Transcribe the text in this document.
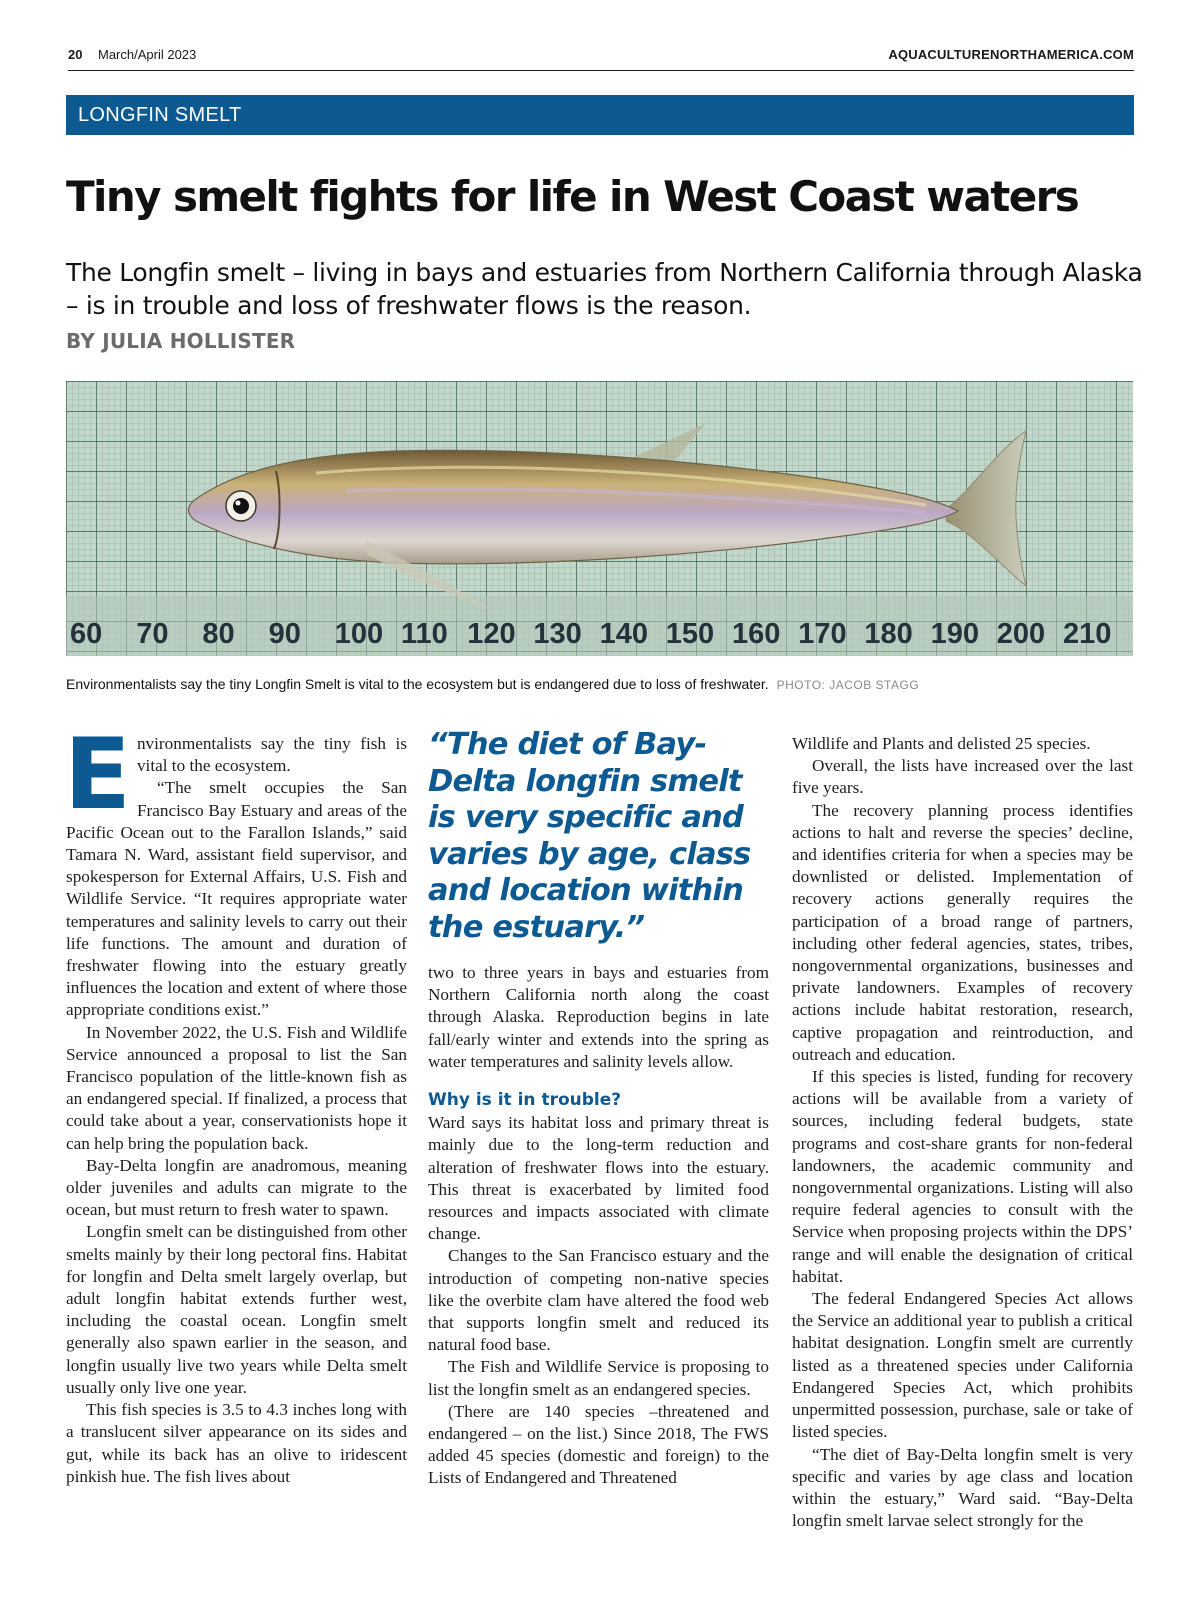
20 March/April 2023	AQUACULTURENORTHAMERICA.COM
LONGFIN SMELT
Tiny smelt fights for life in West Coast waters
The Longfin smelt – living in bays and estuaries from Northern California through Alaska – is in trouble and loss of freshwater flows is the reason.
BY JULIA HOLLISTER
60 70 80 90 100 110 120 130 140 150 160 170 180 190 200 210
Environmentalists say the tiny Longfin Smelt is vital to the ecosystem but is endangered due to loss of freshwater. PHOTO: JACOB STAGG
E nvironmentalists say the tiny fish is vital to the ecosystem.

“The smelt occupies the San Francisco Bay Estuary and areas of the Pacific Ocean out to the Farallon Islands,” said Tamara N. Ward, assistant field supervisor, and spokesperson for External Affairs, U.S. Fish and Wildlife Service. “It requires appropriate water temperatures and salinity levels to carry out their life functions. The amount and duration of freshwater flowing into the estuary greatly influences the location and extent of where those appropriate conditions exist.”

In November 2022, the U.S. Fish and Wildlife Service announced a proposal to list the San Francisco population of the little-known fish as an endangered special. If finalized, a process that could take about a year, conservationists hope it can help bring the population back.

Bay-Delta longfin are anadromous, meaning older juveniles and adults can migrate to the ocean, but must return to fresh water to spawn.

Longfin smelt can be distinguished from other smelts mainly by their long pectoral fins. Habitat for longfin and Delta smelt largely overlap, but adult longfin habitat extends further west, including the coastal ocean. Longfin smelt generally also spawn earlier in the season, and longfin usually live two years while Delta smelt usually only live one year.

This fish species is 3.5 to 4.3 inches long with a translucent silver appearance on its sides and gut, while its back has an olive to iridescent pinkish hue. The fish lives about

“The diet of Bay-Delta longfin smelt is very specific and varies by age, class and location within the estuary.”

two to three years in bays and estuaries from Northern California north along the coast through Alaska. Reproduction begins in late fall/early winter and extends into the spring as water temperatures and salinity levels allow.

Why is it in trouble?

Ward says its habitat loss and primary threat is mainly due to the long-term reduction and alteration of freshwater flows into the estuary. This threat is exacerbated by limited food resources and impacts associated with climate change.

Changes to the San Francisco estuary and the introduction of competing non-native species like the overbite clam have altered the food web that supports longfin smelt and reduced its natural food base.

The Fish and Wildlife Service is proposing to list the longfin smelt as an endangered species.

(There are 140 species –threatened and endangered – on the list.) Since 2018, The FWS added 45 species (domestic and foreign) to the Lists of Endangered and Threatened

Wildlife and Plants and delisted 25 species.

Overall, the lists have increased over the last five years.

The recovery planning process identifies actions to halt and reverse the species’ decline, and identifies criteria for when a species may be downlisted or delisted. Implementation of recovery actions generally requires the participation of a broad range of partners, including other federal agencies, states, tribes, nongovernmental organizations, businesses and private landowners. Examples of recovery actions include habitat restoration, research, captive propagation and reintroduction, and outreach and education.

If this species is listed, funding for recovery actions will be available from a variety of sources, including federal budgets, state programs and cost-share grants for non-federal landowners, the academic community and nongovernmental organizations. Listing will also require federal agencies to consult with the Service when proposing projects within the DPS’ range and will enable the designation of critical habitat.

The federal Endangered Species Act allows the Service an additional year to publish a critical habitat designation. Longfin smelt are currently listed as a threatened species under California Endangered Species Act, which prohibits unpermitted possession, purchase, sale or take of listed species.

“The diet of Bay-Delta longfin smelt is very specific and varies by age class and location within the estuary,” Ward said. “Bay-Delta longfin smelt larvae select strongly for the
